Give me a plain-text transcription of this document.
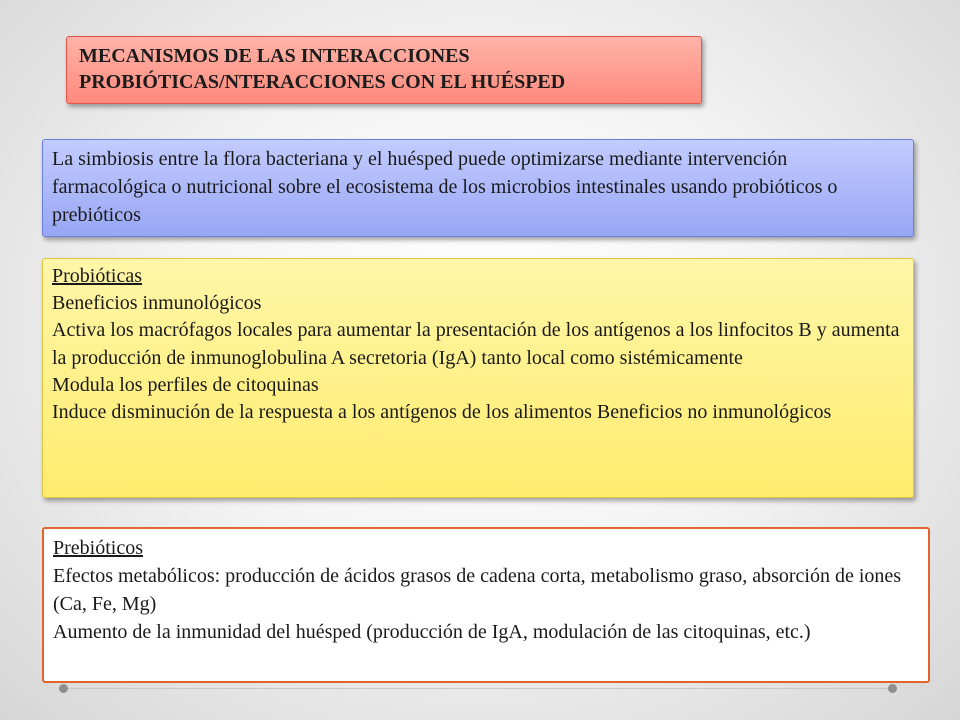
MECANISMOS DE LAS INTERACCIONES

PROBIÓTICAS/NTERACCIONES CON EL HUÉSPED

La simbiosis entre la flora bacteriana y el huésped puede optimizarse mediante intervención farmacológica o nutricional sobre el ecosistema de los microbios intestinales usando probióticos o prebióticos

Probióticas

Beneficios inmunológicos

Activa los macrófagos locales para aumentar la presentación de los antígenos a los linfocitos B y aumenta la producción de inmunoglobulina A secretoria (IgA) tanto local como sistémicamente

Modula los perfiles de citoquinas

Induce disminución de la respuesta a los antígenos de los alimentos Beneficios no inmunológicos

Prebióticos

Efectos metabólicos: producción de ácidos grasos de cadena corta, metabolismo graso, absorción de iones (Ca, Fe, Mg)

Aumento de la inmunidad del huésped (producción de IgA, modulación de las citoquinas, etc.)
